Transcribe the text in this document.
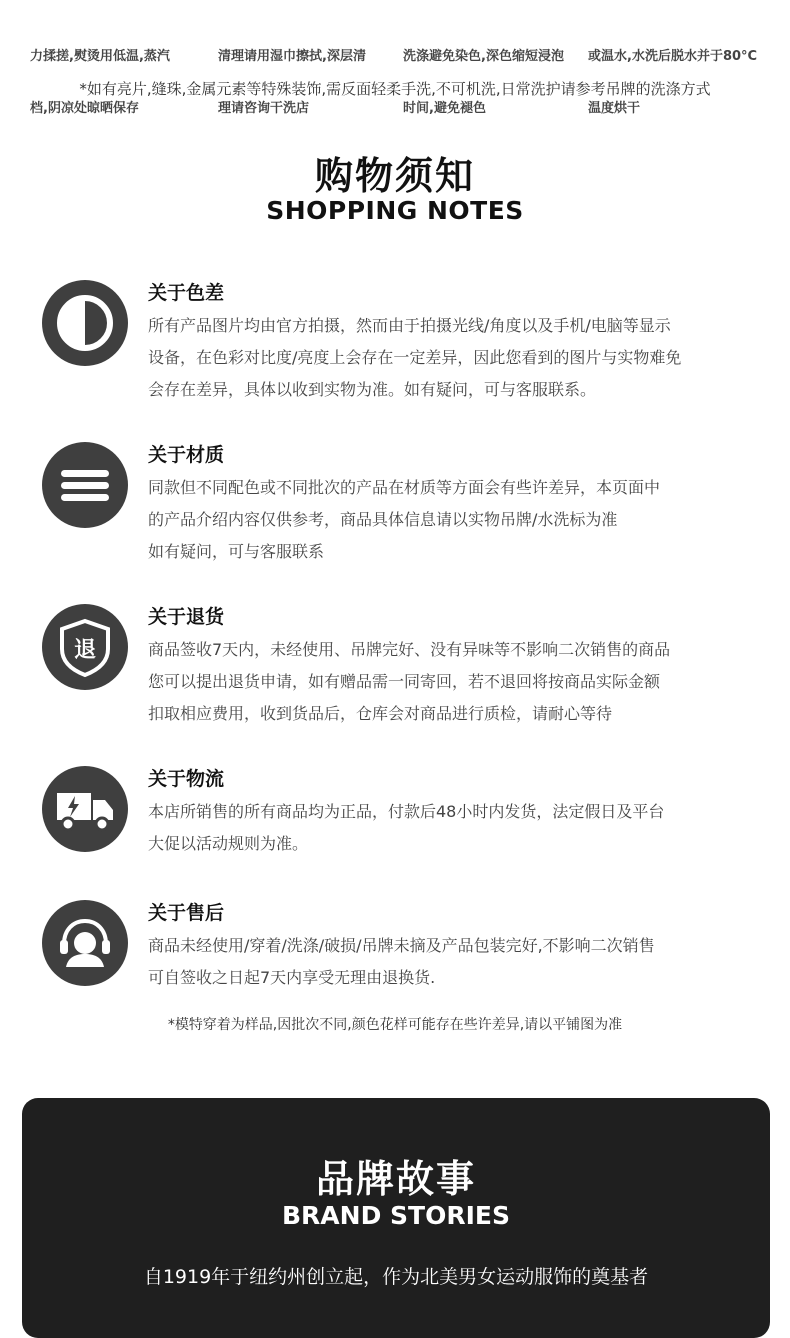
力揉搓,熨烫用低温,蒸汽

档,阴凉处晾晒保存

清理请用湿巾擦拭,深层清

理请咨询干洗店

洗涤避免染色,深色缩短浸泡

时间,避免褪色

或温水,水洗后脱水并于80°C

温度烘干

*如有亮片,缝珠,金属元素等特殊装饰,需反面轻柔手洗,不可机洗,日常洗护请参考吊牌的洗涤方式
购物须知
SHOPPING NOTES
关于色差
所有产品图片均由官方拍摄，然而由于拍摄光线/角度以及手机/电脑等显示
设备，在色彩对比度/亮度上会存在一定差异，因此您看到的图片与实物难免
会存在差异，具体以收到实物为准。如有疑问，可与客服联系。
关于材质
同款但不同配色或不同批次的产品在材质等方面会有些许差异，本页面中
的产品介绍内容仅供参考，商品具体信息请以实物吊牌/水洗标为准
如有疑问，可与客服联系
退
关于退货
商品签收7天内，未经使用、吊牌完好、没有异味等不影响二次销售的商品
您可以提出退货申请，如有赠品需一同寄回，若不退回将按商品实际金额
扣取相应费用，收到货品后，仓库会对商品进行质检，请耐心等待
关于物流
本店所销售的所有商品均为正品，付款后48小时内发货，法定假日及平台
大促以活动规则为准。
关于售后
商品未经使用/穿着/洗涤/破损/吊牌未摘及产品包装完好,不影响二次销售
可自签收之日起7天内享受无理由退换货.
*模特穿着为样品,因批次不同,颜色花样可能存在些许差异,请以平铺图为准
品牌故事
BRAND STORIES
自1919年于纽约州创立起，作为北美男女运动服饰的奠基者
